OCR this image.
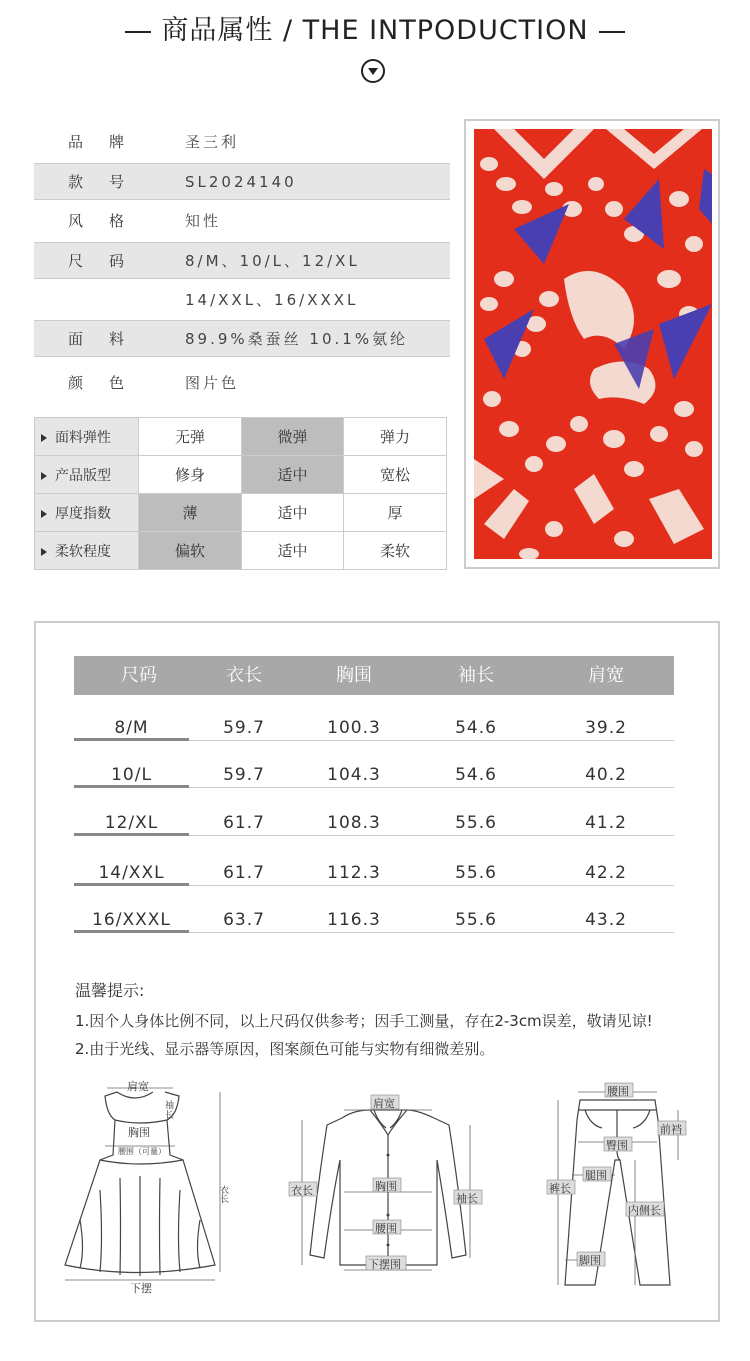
商品属性 / THE INTPODUCTION
品牌 圣三利
款号 SL2024140
风格 知性
尺码 8/M、10/L、12/XL
14/XXL、16/XXXL
面料 89.9%桑蚕丝 10.1%氨纶
颜色 图片色
面料弹性	无弹	微弹	弹力
产品版型	修身	适中	宽松
厚度指数	薄	适中	厚
柔软程度	偏软	适中	柔软
尺码	衣长	胸围	袖长	肩宽
8/M	59.7	100.3	54.6	39.2
10/L	59.7	104.3	54.6	40.2
12/XL	61.7	108.3	55.6	41.2
14/XXL	61.7	112.3	55.6	42.2
16/XXXL	63.7	116.3	55.6	43.2
温馨提示:
1.因个人身体比例不同，以上尺码仅供参考；因手工测量，存在2-3cm误差，敬请见谅!
2.由于光线、显示器等原因，图案颜色可能与实物有细微差别。
肩宽
袖
长
胸围
腰围（可量）
衣长
下摆
肩宽
衣长	胸围
袖长
腰围
下摆围
腰围
前裆
臀围
裤长
腿围
内侧长
脚围
